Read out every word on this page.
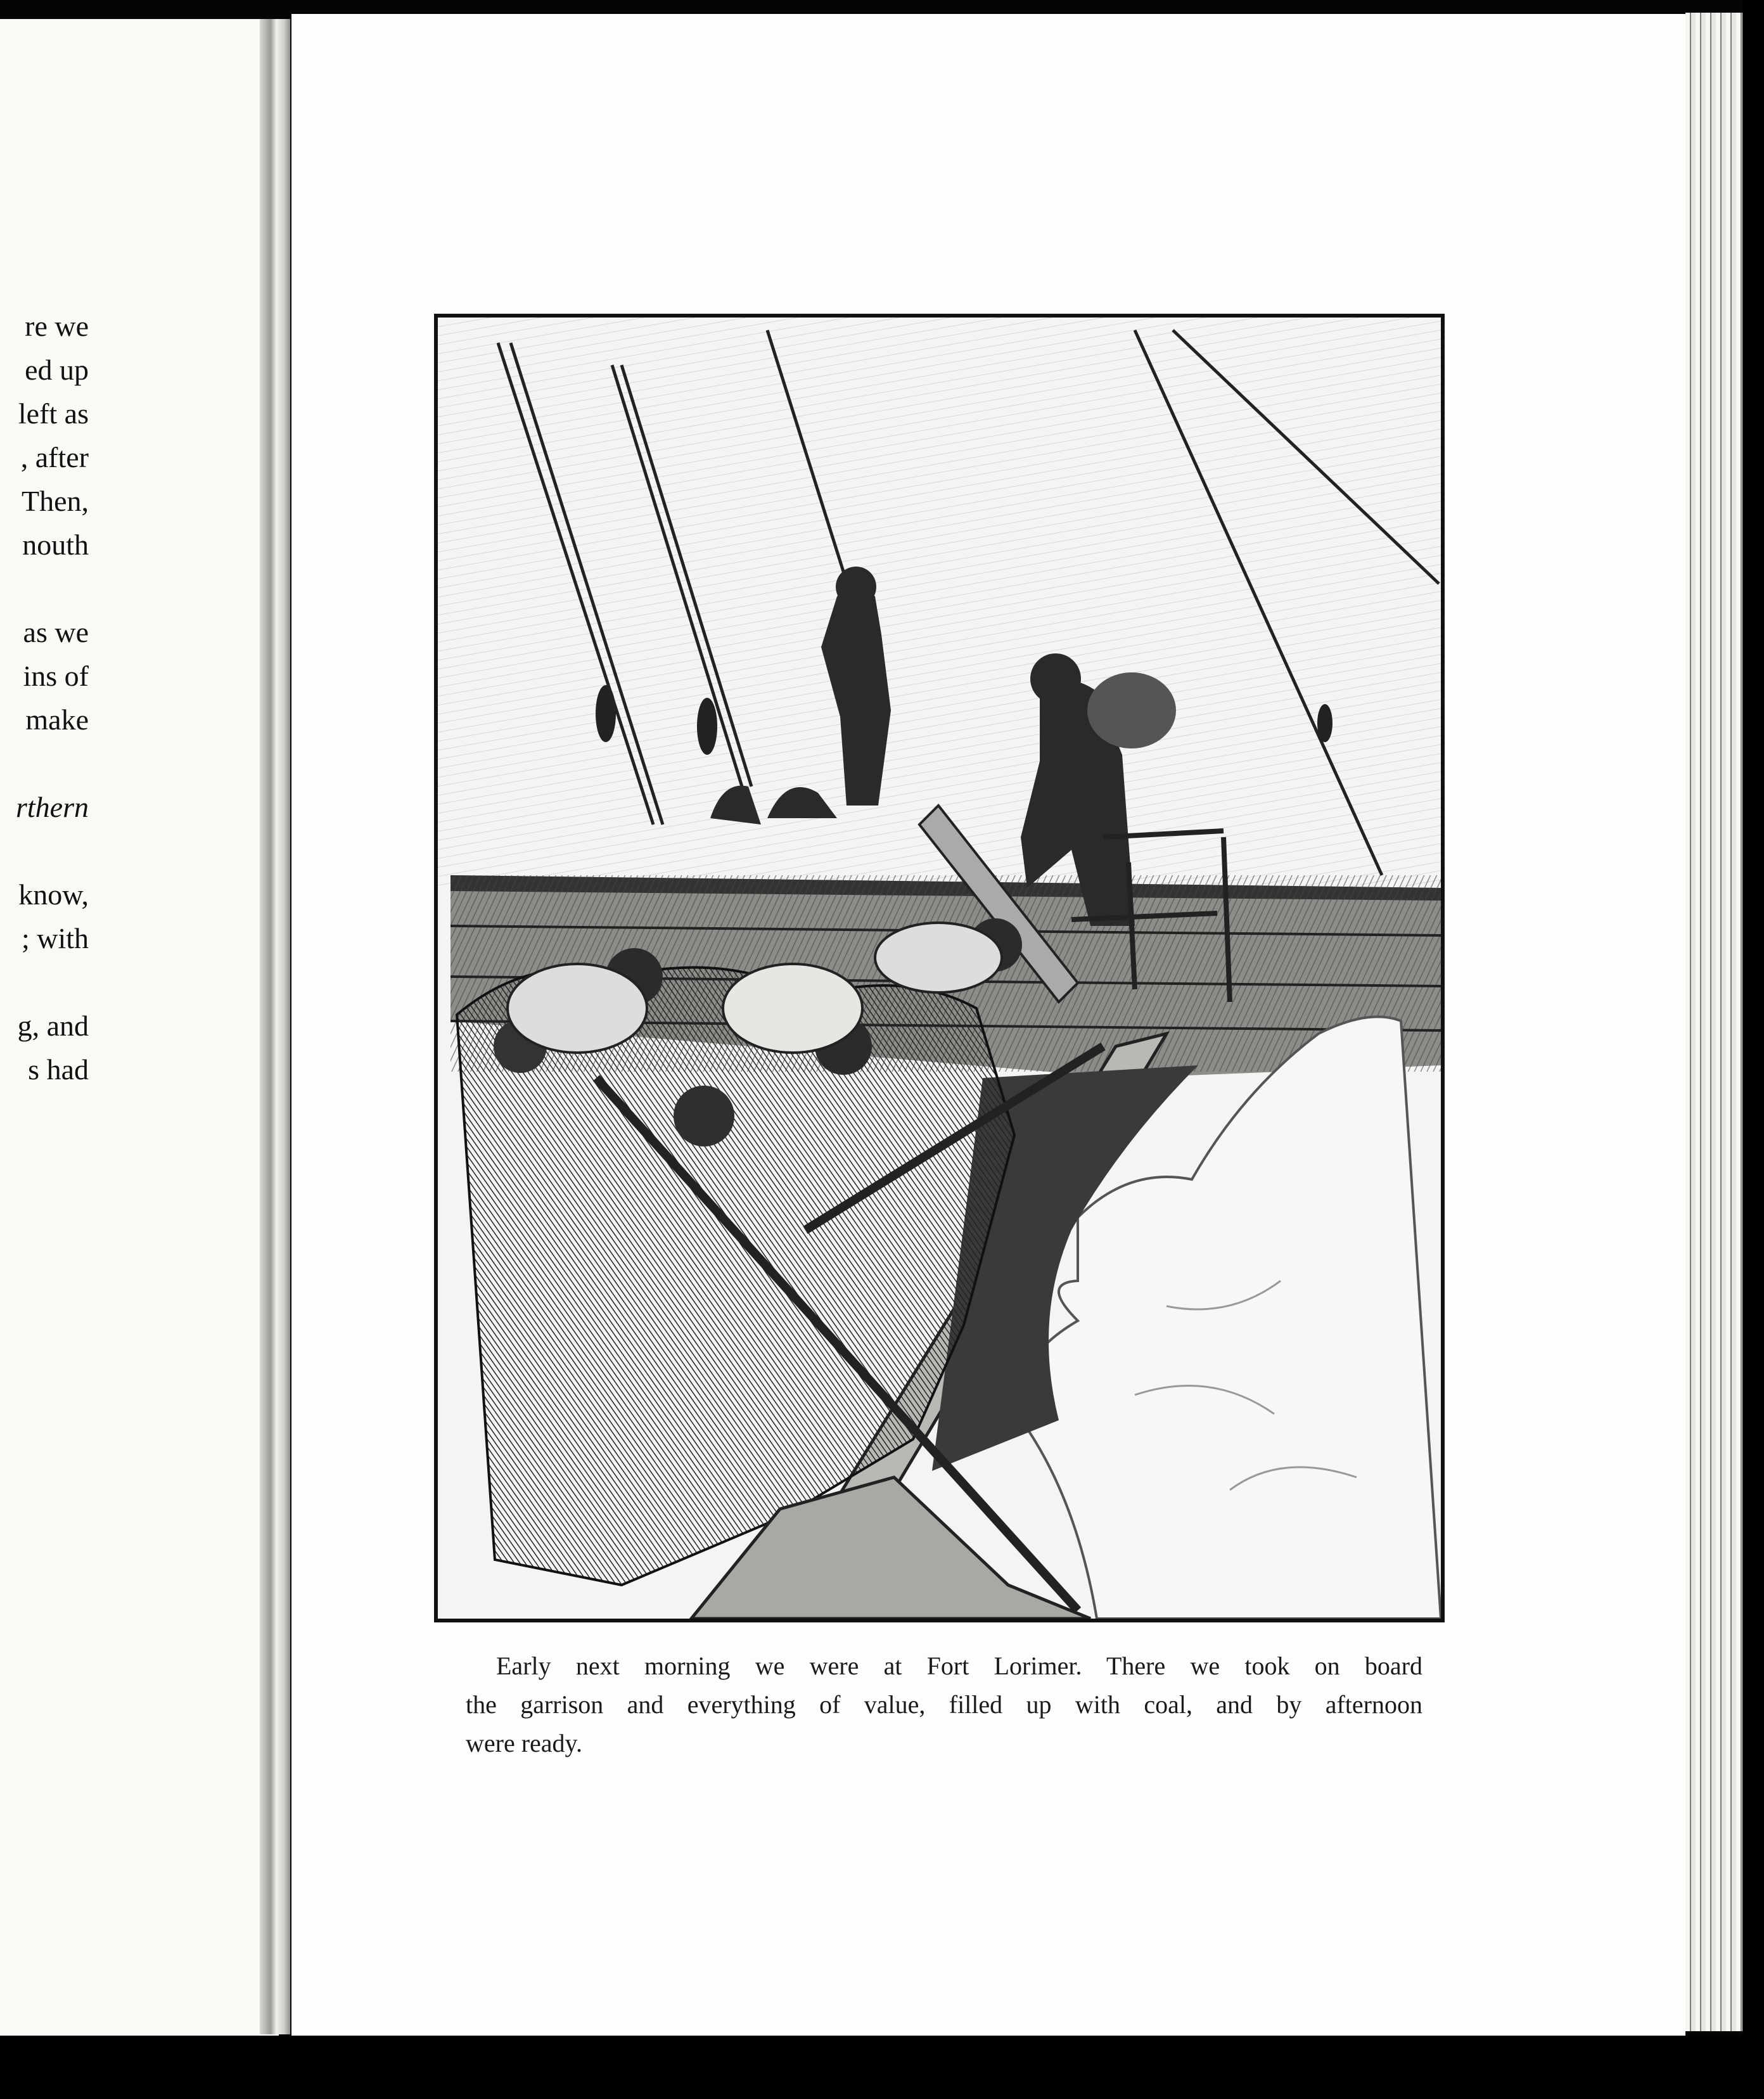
re we
ed up
left as
, after
Then,
nouth
as we
ins of
make
rthern
know,
; with
g, and
s had
Early next morning we were at Fort Lorimer. There we took on board
the garrison and everything of value, filled up with coal, and by afternoon
were ready.
